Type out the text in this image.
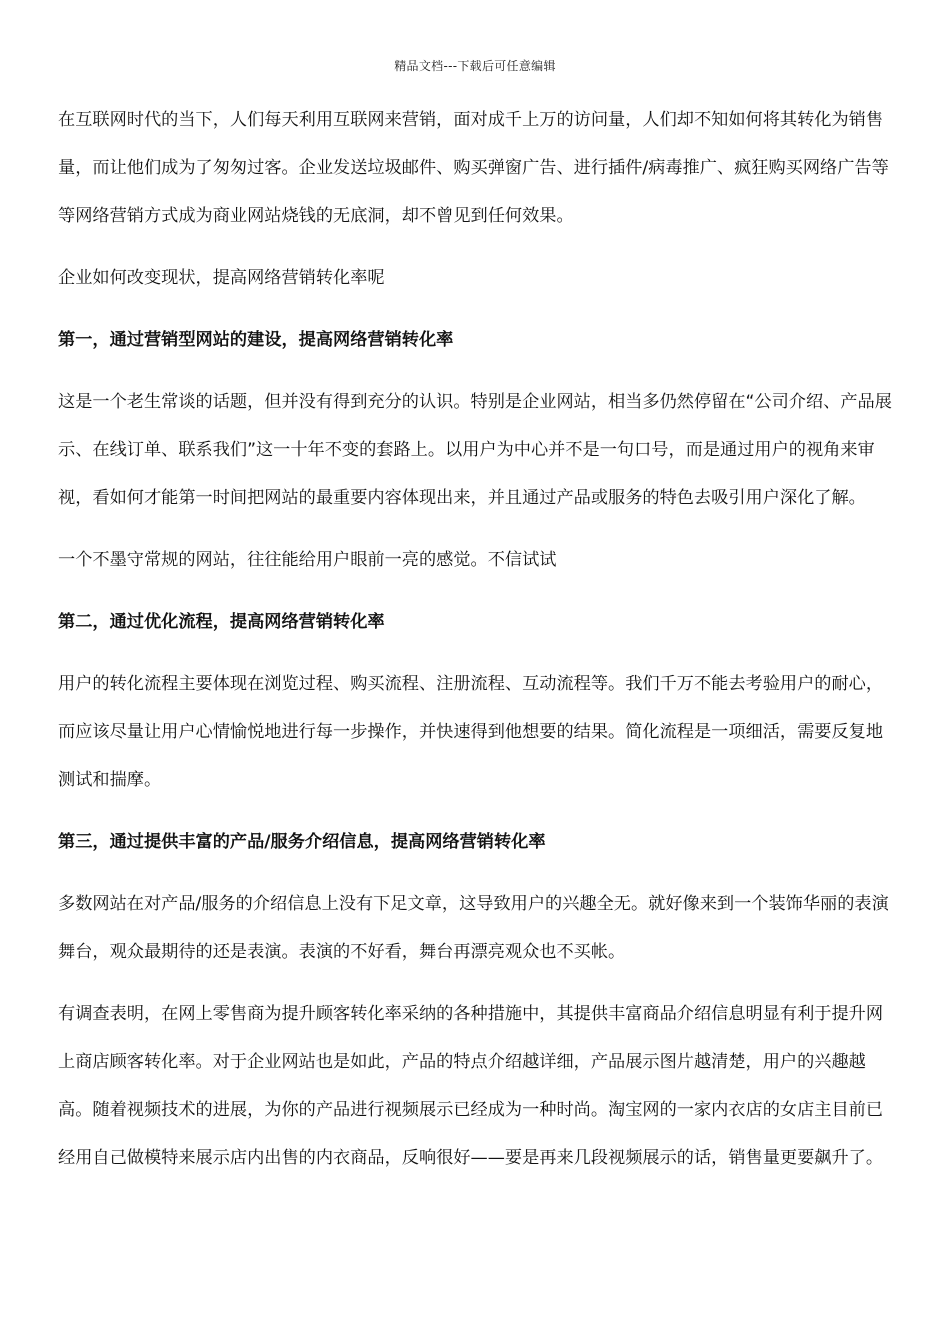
精品文档---下载后可任意编辑

在互联网时代的当下，人们每天利用互联网来营销，面对成千上万的访问量，人们却不知如何将其转化为销售量，而让他们成为了匆匆过客。企业发送垃圾邮件、购买弹窗广告、进行插件/病毒推广、疯狂购买网络广告等等网络营销方式成为商业网站烧钱的无底洞，却不曾见到任何效果。

企业如何改变现状，提高网络营销转化率呢

第一，通过营销型网站的建设，提高网络营销转化率

这是一个老生常谈的话题，但并没有得到充分的认识。特别是企业网站，相当多仍然停留在“公司介绍、产品展示、在线订单、联系我们”这一十年不变的套路上。以用户为中心并不是一句口号，而是通过用户的视角来审视，看如何才能第一时间把网站的最重要内容体现出来，并且通过产品或服务的特色去吸引用户深化了解。

一个不墨守常规的网站，往往能给用户眼前一亮的感觉。不信试试

第二，通过优化流程，提高网络营销转化率

用户的转化流程主要体现在浏览过程、购买流程、注册流程、互动流程等。我们千万不能去考验用户的耐心，而应该尽量让用户心情愉悦地进行每一步操作，并快速得到他想要的结果。简化流程是一项细活，需要反复地测试和揣摩。

第三，通过提供丰富的产品/服务介绍信息，提高网络营销转化率

多数网站在对产品/服务的介绍信息上没有下足文章，这导致用户的兴趣全无。就好像来到一个装饰华丽的表演舞台，观众最期待的还是表演。表演的不好看，舞台再漂亮观众也不买帐。

有调查表明，在网上零售商为提升顾客转化率采纳的各种措施中，其提供丰富商品介绍信息明显有利于提升网上商店顾客转化率。对于企业网站也是如此，产品的特点介绍越详细，产品展示图片越清楚，用户的兴趣越高。随着视频技术的进展，为你的产品进行视频展示已经成为一种时尚。淘宝网的一家内衣店的女店主目前已经用自己做模特来展示店内出售的内衣商品，反响很好——要是再来几段视频展示的话，销售量更要飙升了。
